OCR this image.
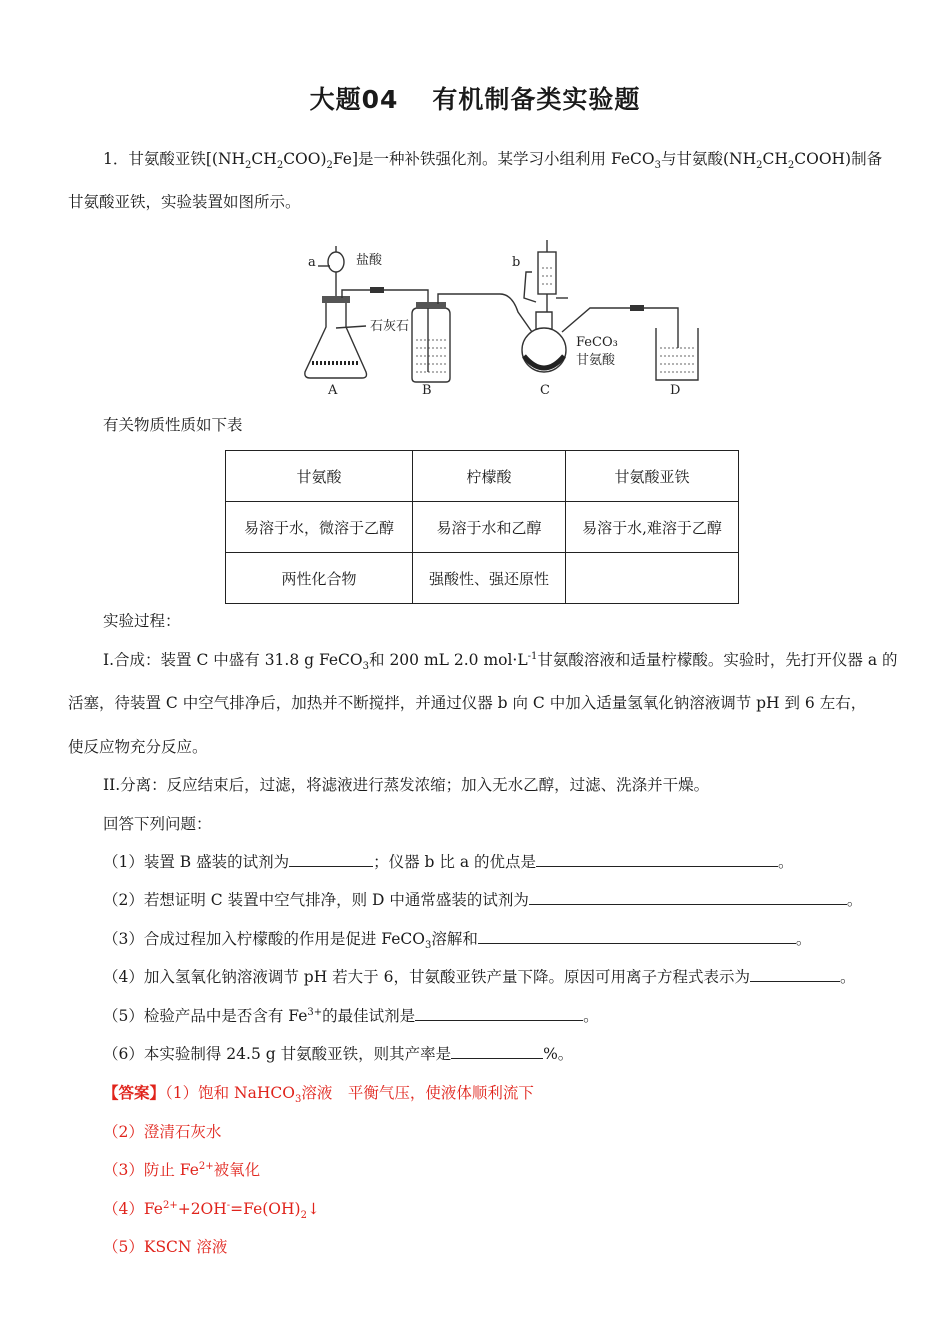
大题04 有机制备类实验题
1．甘氨酸亚铁$[(NH_2CH_2COO)_2Fe]$是一种补铁强化剂。某学习小组利用 FeCO$_3$与甘氨酸$(NH_2CH_2COOH)$制备
甘氨酸亚铁，实验装置如图所示。
a	盐酸
石灰石
b
FeCO₃
甘氨酸
A	B	C	D
有关物质性质如下表
甘氨酸	柠檬酸	甘氨酸亚铁
易溶于水，微溶于乙醇	易溶于水和乙醇	易溶于水,难溶于乙醇
两性化合物	强酸性、强还原性	
实验过程：
I.合成：装置 C 中盛有 31.8 g FeCO$_3$和 200 mL 2.0 $mol\cdot L^{-1}$甘氨酸溶液和适量柠檬酸。实验时，先打开仪器 a 的
活塞，待装置 C 中空气排净后，加热并不断搅拌，并通过仪器 b 向 C 中加入适量氢氧化钠溶液调节 pH 到 6 左右，
使反应物充分反应。
II.分离：反应结束后，过滤，将滤液进行蒸发浓缩；加入无水乙醇，过滤、洗涤并干燥。
回答下列问题：
（1）装置 B 盛装的试剂为	；仪器 b 比 a 的优点是	。
（2）若想证明 C 装置中空气排净，则 D 中通常盛装的试剂为	。
（3）合成过程加入柠檬酸的作用是促进 FeCO$_3$溶解和	。
（4）加入氢氧化钠溶液调节 pH 若大于 6，甘氨酸亚铁产量下降。原因可用离子方程式表示为	。
（5）检验产品中是否含有 $Fe^{3+}$的最佳试剂是	。
（6）本实验制得 24.5 g 甘氨酸亚铁，则其产率是	%。
【答案】（1）饱和 NaHCO$_3$溶液　平衡气压，使液体顺利流下
（2）澄清石灰水
（3）防止 $Fe^{2+}$被氧化
$(4)Fe^{2+}+2OH^-=Fe(OH)_2↓$
（5）KSCN 溶液
